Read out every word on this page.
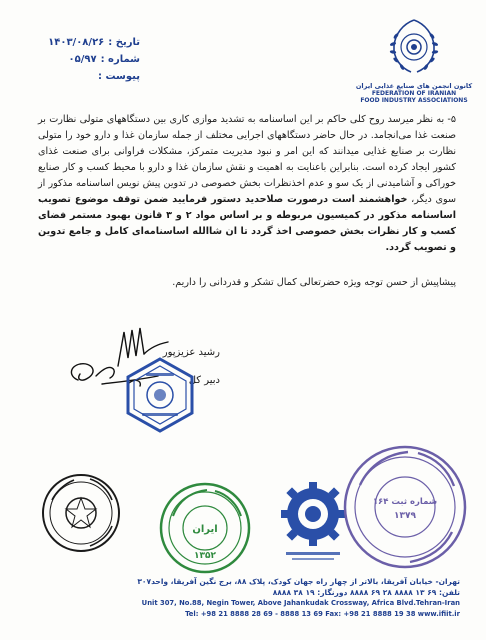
تاریخ :
۱۴۰۳/۰۸/۲۶
شماره :
۰۵/۹۷
پیوست :
کانون انجمن های صنایع غذایی ایران
FEDERATION OF IRANIAN
FOOD INDUSTRY ASSOCIATIONS

۵- به نظر میرسد روح کلی حاکم بر این اساسنامه به تشدید موازی کاری بین دستگاههای متولی نظارت بر صنعت غذا می‌انجامد. در حال حاضر دستگاههای اجرایی مختلف از جمله سازمان غذا و دارو خود را متولی نظارت بر صنایع غذایی میدانند که این امر و نبود مدیریت متمرکز، مشکلات فراوانی برای صنعت غذای کشور ایجاد کرده است. بنابراین باعنایت به اهمیت و نقش سازمان غذا و دارو با محیط کسب و کار صنایع خوراکی و آشامیدنی از یک سو و عدم اخذنظرات بخش خصوصی در تدوین پیش نویس اساسنامه مذکور از سوی دیگر، خواهشمند است درصورت صلاحدید دستور فرمایید ضمن توقف موضوع تصویب اساسنامه مذکور در کمیسیون مربوطه و بر اساس مواد ۲ و ۳ قانون بهبود مستمر فضای کسب و کار نظرات بخش خصوصی اخذ گردد تا ان شاالله اساسنامه‌ای کامل و جامع تدوین و تصویب گردد.

پیشاپیش از حسن توجه ویژه حضرتعالی کمال تشکر و قدردانی را داریم.
رشید عزیزپور
دبیر کل
ایران
۱۳۵۲
شماره ثبت ۱۶۴
۱۳۷۹
تهران- خیابان آفریقا، بالاتر از چهار راه جهان کودک، پلاک ۸۸، برج نگین آفریقا، واحد۳۰۷
تلفن: ۶۹ ۱۳ ۸۸۸۸ ۲۸ ۶۹ ۸۸۸۸ دورنگار: ۱۹ ۳۸ ۸۸۸۸
Unit 307, No.88, Negin Tower, Above Jahankudak Crossway, Africa Blvd.Tehran-Iran
Tel: +98 21 8888 28 69 - 8888 13 69 Fax: +98 21 8888 19 38 www.ifiit.ir
